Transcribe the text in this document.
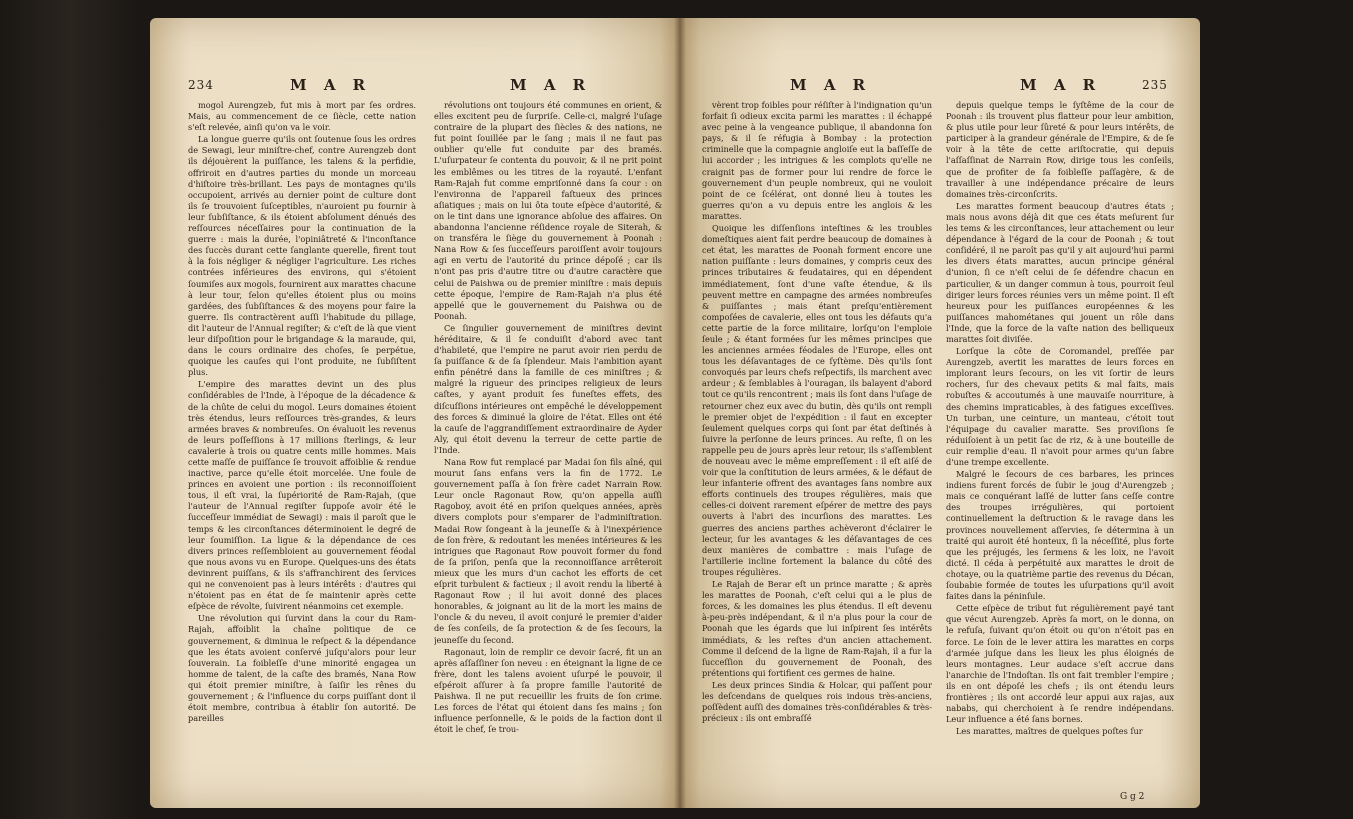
234	M A R	M A R

mogol Aurengzeb, fut mis à mort par ſes ordres. Mais, au commencement de ce ſiècle, cette nation s'eſt relevée, ainſi qu'on va le voir.

La longue guerre qu'ils ont ſoutenue ſous les ordres de Sewagi, leur miniſtre-chef, contre Aurengzeb dont ils déjouèrent la puiſſance, les talens & la perfidie, offriroit en d'autres parties du monde un morceau d'hiſtoire très-brillant. Les pays de montagnes qu'ils occupoient, arrivés au dernier point de culture dont ils ſe trouvoient ſuſceptibles, n'auroient pu fournir à leur ſubſiſtance, & ils étoient abſolument dénués des reſſources néceſſaires pour la continuation de la guerre : mais la durée, l'opiniâtreté & l'inconſtance des ſuccès durant cette ſanglante querelle, firent tout à la fois négliger & négliger l'agriculture. Les riches contrées inférieures des environs, qui s'étoient ſoumiſes aux mogols, fournirent aux marattes chacune à leur tour, ſelon qu'elles étoient plus ou moins gardées, des ſubſiſtances & des moyens pour faire la guerre. Ils contractèrent auſſi l'habitude du pillage, dit l'auteur de l'Annual regiſter; & c'eſt de là que vient leur diſpoſition pour le brigandage & la maraude, qui, dans le cours ordinaire des choſes, ſe perpétue, quoique les cauſes qui l'ont produite, ne ſubſiſtent plus.

L'empire des marattes devint un des plus conſidérables de l'Inde, à l'époque de la décadence & de la chûte de celui du mogol. Leurs domaines étoient très étendus, leurs reſſources très-grandes, & leurs armées braves & nombreuſes. On évaluoit les revenus de leurs poſſeſſions à 17 millions ſterlings, & leur cavalerie à trois ou quatre cents mille hommes. Mais cette maſſe de puiſſance ſe trouvoit affoiblie & rendue inactive, parce qu'elle étoit morcelée. Une foule de princes en avoient une portion : ils reconnoiſſoient tous, il eſt vrai, la ſupériorité de Ram-Rajah, (que l'auteur de l'Annual regiſter ſuppoſe avoir été le ſucceſſeur immédiat de Sewagi) : mais il paroît que le temps & les circonſtances déterminoient le degré de leur ſoumiſſion. La ligue & la dépendance de ces divers princes reſſembloient au gouvernement féodal que nous avons vu en Europe. Quelques-uns des états devinrent puiſſans, & ils s'affranchirent des ſervices qui ne convenoient pas à leurs intérêts : d'autres qui n'étoient pas en état de ſe maintenir après cette eſpèce de révolte, ſuivirent néanmoins cet exemple.

Une révolution qui ſurvint dans la cour du Ram-Rajah, affoiblit la chaîne politique de ce gouvernement, & diminua le reſpect & la dépendance que les états avoient conſervé juſqu'alors pour leur ſouverain. La foibleſſe d'une minorité engagea un homme de talent, de la caſte des bramés, Nana Row qui étoit premier miniſtre, à ſaiſir les rênes du gouvernement ; & l'influence du corps puiſſant dont il étoit membre, contribua à établir ſon autorité. De pareilles

révolutions ont toujours été communes en orient, & elles excitent peu de ſurpriſe. Celle-ci, malgré l'uſage contraire de la plupart des ſiècles & des nations, ne fut point ſouillée par le ſang ; mais il ne faut pas oublier qu'elle fut conduite par des bramés. L'uſurpateur ſe contenta du pouvoir, & il ne prit point les emblêmes ou les titres de la royauté. L'enfant Ram-Rajah fut comme empriſonné dans ſa cour : on l'environna de l'appareil faſtueux des princes aſiatiques ; mais on lui ôta toute eſpèce d'autorité, & on le tint dans une ignorance abſolue des affaires. On abandonna l'ancienne réſidence royale de Siterah, & on transféra le ſiège du gouvernement à Poonah : Nana Row & ſes ſucceſſeurs paroiſſent avoir toujours agi en vertu de l'autorité du prince dépoſé ; car ils n'ont pas pris d'autre titre ou d'autre caractère que celui de Paishwa ou de premier miniſtre : mais depuis cette époque, l'empire de Ram-Rajah n'a plus été appellé que le gouvernement du Paishwa ou de Poonah.

Ce ſingulier gouvernement de miniſtres devint héréditaire, & il ſe conduiſit d'abord avec tant d'habileté, que l'empire ne parut avoir rien perdu de ſa puiſſance & de ſa ſplendeur. Mais l'ambition ayant enfin pénétré dans la famille de ces miniſtres ; & malgré la rigueur des principes religieux de leurs caſtes, y ayant produit ſes funeſtes effets, des diſcuſſions intérieures ont empêché le développement des forces & diminué la gloire de l'état. Elles ont été la cauſe de l'aggrandiſſement extraordinaire de Ayder Aly, qui étoit devenu la terreur de cette partie de l'Inde.

Nana Row fut remplacé par Madai ſon fils aîné, qui mourut ſans enfans vers la fin de 1772. Le gouvernement paſſa à ſon frère cadet Narrain Row. Leur oncle Ragonaut Row, qu'on appella auſſi Ragoboy, avoit été en priſon quelques années, après divers complots pour s'emparer de l'adminiſtration. Madai Row ſongeant à la jeuneſſe & à l'inexpérience de ſon frère, & redoutant les menées intérieures & les intrigues que Ragonaut Row pouvoit former du fond de ſa priſon, penſa que la reconnoiſſance arrêteroit mieux que les murs d'un cachot les efforts de cet eſprit turbulent & factieux ; il avoit rendu la liberté à Ragonaut Row ; il lui avoit donné des places honorables, & joignant au lit de la mort les mains de l'oncle & du neveu, il avoit conjuré le premier d'aider de ſes conſeils, de ſa protection & de ſes ſecours, la jeuneſſe du ſecond.

Ragonaut, loin de remplir ce devoir ſacré, fit un an après aſſaſſiner ſon neveu : en éteignant la ligne de ce frère, dont les talens avoient uſurpé le pouvoir, il eſpéroit aſſurer à ſa propre famille l'autorité de Paishwa. Il ne put recueillir les fruits de ſon crime. Les forces de l'état qui étoient dans ſes mains ; ſon influence perſonnelle, & le poids de la faction dont il étoit le chef, ſe trou-

M A R	M A R	235

vèrent trop foibles pour réſiſter à l'indignation qu'un forfait ſi odieux excita parmi les marattes : il échappé avec peine à la vengeance publique, il abandonna ſon pays, & il ſe réfugia à Bombay : la protection criminelle que la compagnie angloiſe eut la baſſeſſe de lui accorder ; les intrigues & les complots qu'elle ne craignit pas de former pour lui rendre de force le gouvernement d'un peuple nombreux, qui ne vouloit point de ce ſcélérat, ont donné lieu à toutes les guerres qu'on a vu depuis entre les anglois & les marattes.

Quoique les diſſenſions inteſtines & les troubles domeſtiques aient fait perdre beaucoup de domaines à cet état, les marattes de Poonah forment encore une nation puiſſante : leurs domaines, y compris ceux des princes tributaires & feudataires, qui en dépendent immédiatement, ſont d'une vaſte étendue, & ils peuvent mettre en campagne des armées nombreuſes & puiſſantes ; mais étant preſqu'entièrement compoſées de cavalerie, elles ont tous les défauts qu'a cette partie de la force militaire, lorſqu'on l'emploie ſeule ; & étant formées ſur les mêmes principes que les anciennes armées féodales de l'Europe, elles ont tous les déſavantages de ce ſyſtème. Dès qu'ils ſont convoqués par leurs chefs reſpectifs, ils marchent avec ardeur ; & ſemblables à l'ouragan, ils balayent d'abord tout ce qu'ils rencontrent ; mais ils ſont dans l'uſage de retourner chez eux avec du butin, dès qu'ils ont rempli le premier objet de l'expédition : il faut en excepter ſeulement quelques corps qui ſont par état deſtinés à ſuivre la perſonne de leurs princes. Au reſte, ſi on les rappelle peu de jours après leur retour, ils s'aſſemblent de nouveau avec le même empreſſement : il eſt aiſé de voir que la conſtitution de leurs armées, & le défaut de leur infanterie offrent des avantages ſans nombre aux efforts continuels des troupes régulières, mais que celles-ci doivent rarement eſpérer de mettre des pays ouverts à l'abri des incurſions des marattes. Les guerres des anciens parthes achèveront d'éclairer le lecteur, ſur les avantages & les déſavantages de ces deux manières de combattre : mais l'uſage de l'artillerie incline fortement la balance du côté des troupes régulières.

Le Rajah de Berar eſt un prince maratte ; & après les marattes de Poonah, c'eſt celui qui a le plus de forces, & les domaines les plus étendus. Il eſt devenu à-peu-près indépendant, & il n'a plus pour la cour de Poonah que les égards que lui inſpirent ſes intérêts immédiats, & les reſtes d'un ancien attachement. Comme il deſcend de la ligne de Ram-Rajah, il a fur la ſucceſſion du gouvernement de Poonah, des prétentions qui fortifient ces germes de haine.

Les deux princes Sindia & Holcar, qui paſſent pour les deſcendans de quelques rois indous très-anciens, poſſèdent auſſi des domaines très-conſidérables & très-précieux : ils ont embraſſé

depuis quelque temps le ſyſtême de la cour de Poonah : ils trouvent plus flatteur pour leur ambition, & plus utile pour leur ſûreté & pour leurs intérêts, de participer à la grandeur générale de l'Empire, & de ſe voir à la tête de cette ariſtocratie, qui depuis l'aſſaſſinat de Narrain Row, dirige tous les conſeils, que de profiter de ſa foibleſſe paſſagère, & de travailler à une indépendance précaire de leurs domaines très-circonſcrits.

Les marattes forment beaucoup d'autres états ; mais nous avons déjà dit que ces états meſurent ſur les tems & les circonſtances, leur attachement ou leur dépendance à l'égard de la cour de Poonah ; & tout conſidéré, il ne paroît pas qu'il y ait aujourd'hui parmi les divers états marattes, aucun principe général d'union, ſi ce n'eſt celui de ſe défendre chacun en particulier, & un danger commun à tous, pourroit ſeul diriger leurs forces réunies vers un même point. Il eſt heureux pour les puiſſances européennes & les puiſſances mahométanes qui jouent un rôle dans l'Inde, que la force de la vaſte nation des belliqueux marattes ſoit diviſée.

Lorſque la côte de Coromandel, preſſée par Aurengzeb, avertit les marattes de leurs forces en implorant leurs ſecours, on les vit ſortir de leurs rochers, ſur des chevaux petits & mal faits, mais robuſtes & accoutumés à une mauvaiſe nourriture, à des chemins impraticables, à des fatigues exceſſives. Un turban, une ceinture, un manteau, c'étoit tout l'équipage du cavalier maratte. Ses proviſions ſe réduiſoient à un petit ſac de riz, & à une bouteille de cuir remplie d'eau. Il n'avoit pour armes qu'un ſabre d'une trempe excellente.

Malgré le ſecours de ces barbares, les princes indiens furent forcés de ſubir le joug d'Aurengzeb ; mais ce conquérant laſſé de lutter ſans ceſſe contre des troupes irrégulières, qui portoient continuellement la deſtruction & le ravage dans les provinces nouvellement aſſervies, ſe détermina à un traité qui auroit été honteux, ſi la néceſſité, plus forte que les préjugés, les ſermens & les loix, ne l'avoit dicté. Il céda à perpétuité aux marattes le droit de chotaye, ou la quatrième partie des revenus du Décan, ſoubabie formée de toutes les uſurpations qu'il avoit faites dans la péninſule.

Cette eſpèce de tribut fut régulièrement payé tant que vécut Aurengzeb. Après ſa mort, on le donna, on le refuſa, ſuivant qu'on étoit ou qu'on n'étoit pas en force. Le ſoin de le lever attira les marattes en corps d'armée juſque dans les lieux les plus éloignés de leurs montagnes. Leur audace s'eſt accrue dans l'anarchie de l'Indoſtan. Ils ont fait trembler l'empire ; ils en ont dépoſé les chefs ; ils ont étendu leurs frontières ; ils ont accordé leur appui aux rajas, aux nababs, qui cherchoient à ſe rendre indépendans. Leur influence a été ſans bornes.

Les marattes, maîtres de quelques poſtes ſur

G g 2
